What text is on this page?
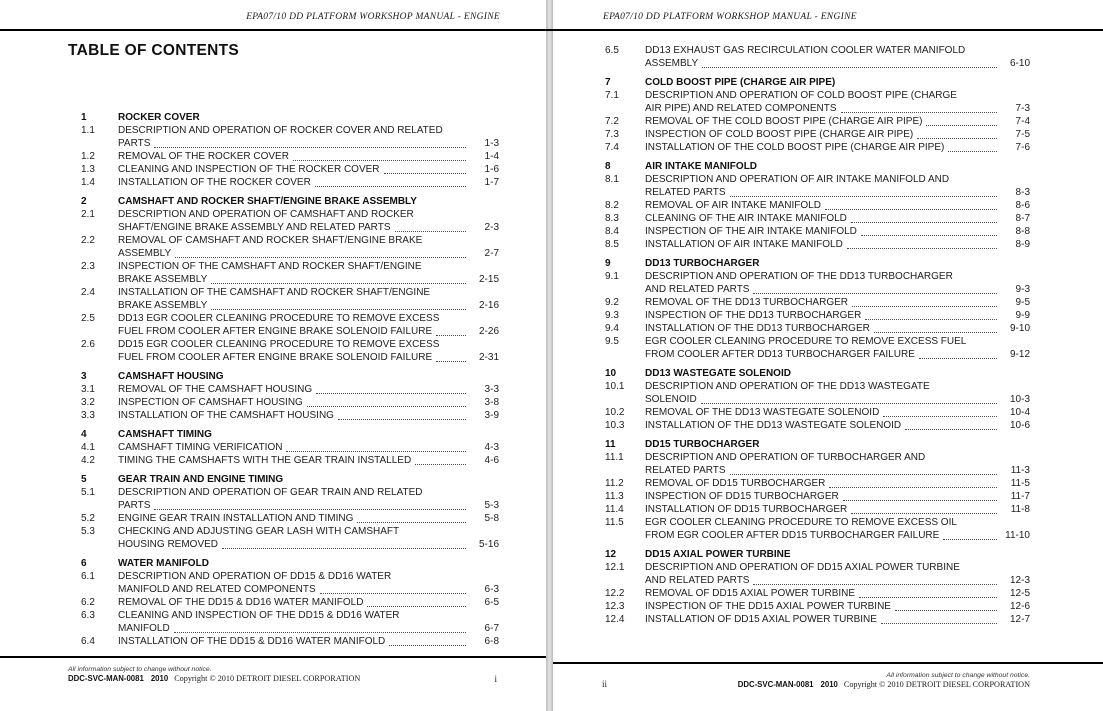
EPA07/10 DD PLATFORM WORKSHOP MANUAL - ENGINE
TABLE OF CONTENTS
1	ROCKER COVER
1.1	DESCRIPTION AND OPERATION OF ROCKER COVER AND RELATED
PARTS	1-3
1.2	REMOVAL OF THE ROCKER COVER	1-4
1.3	CLEANING AND INSPECTION OF THE ROCKER COVER	1-6
1.4	INSTALLATION OF THE ROCKER COVER	1-7
2	CAMSHAFT AND ROCKER SHAFT/ENGINE BRAKE ASSEMBLY
2.1	DESCRIPTION AND OPERATION OF CAMSHAFT AND ROCKER
SHAFT/ENGINE BRAKE ASSEMBLY AND RELATED PARTS	2-3
2.2	REMOVAL OF CAMSHAFT AND ROCKER SHAFT/ENGINE BRAKE
ASSEMBLY	2-7
2.3	INSPECTION OF THE CAMSHAFT AND ROCKER SHAFT/ENGINE
BRAKE ASSEMBLY	2-15
2.4	INSTALLATION OF THE CAMSHAFT AND ROCKER SHAFT/ENGINE
BRAKE ASSEMBLY	2-16
2.5	DD13 EGR COOLER CLEANING PROCEDURE TO REMOVE EXCESS
FUEL FROM COOLER AFTER ENGINE BRAKE SOLENOID FAILURE	2-26
2.6	DD15 EGR COOLER CLEANING PROCEDURE TO REMOVE EXCESS
FUEL FROM COOLER AFTER ENGINE BRAKE SOLENOID FAILURE	2-31
3	CAMSHAFT HOUSING
3.1	REMOVAL OF THE CAMSHAFT HOUSING	3-3
3.2	INSPECTION OF CAMSHAFT HOUSING	3-8
3.3	INSTALLATION OF THE CAMSHAFT HOUSING	3-9
4	CAMSHAFT TIMING
4.1	CAMSHAFT TIMING VERIFICATION	4-3
4.2	TIMING THE CAMSHAFTS WITH THE GEAR TRAIN INSTALLED	4-6
5	GEAR TRAIN AND ENGINE TIMING
5.1	DESCRIPTION AND OPERATION OF GEAR TRAIN AND RELATED
PARTS	5-3
5.2	ENGINE GEAR TRAIN INSTALLATION AND TIMING	5-8
5.3	CHECKING AND ADJUSTING GEAR LASH WITH CAMSHAFT
HOUSING REMOVED	5-16
6	WATER MANIFOLD
6.1	DESCRIPTION AND OPERATION OF DD15 & DD16 WATER
MANIFOLD AND RELATED COMPONENTS	6-3
6.2	REMOVAL OF THE DD15 & DD16 WATER MANIFOLD	6-5
6.3	CLEANING AND INSPECTION OF THE DD15 & DD16 WATER
MANIFOLD	6-7
6.4	INSTALLATION OF THE DD15 & DD16 WATER MANIFOLD	6-8
All information subject to change without notice.
DDC-SVC-MAN-0081 2010 Copyright © 2010 DETROIT DIESEL CORPORATION	i
EPA07/10 DD PLATFORM WORKSHOP MANUAL - ENGINE
6.5	DD13 EXHAUST GAS RECIRCULATION COOLER WATER MANIFOLD
ASSEMBLY	6-10
7	COLD BOOST PIPE (CHARGE AIR PIPE)
7.1	DESCRIPTION AND OPERATION OF COLD BOOST PIPE (CHARGE
AIR PIPE) AND RELATED COMPONENTS	7-3
7.2	REMOVAL OF THE COLD BOOST PIPE (CHARGE AIR PIPE)	7-4
7.3	INSPECTION OF COLD BOOST PIPE (CHARGE AIR PIPE)	7-5
7.4	INSTALLATION OF THE COLD BOOST PIPE (CHARGE AIR PIPE)	7-6
8	AIR INTAKE MANIFOLD
8.1	DESCRIPTION AND OPERATION OF AIR INTAKE MANIFOLD AND
RELATED PARTS	8-3
8.2	REMOVAL OF AIR INTAKE MANIFOLD	8-6
8.3	CLEANING OF THE AIR INTAKE MANIFOLD	8-7
8.4	INSPECTION OF THE AIR INTAKE MANIFOLD	8-8
8.5	INSTALLATION OF AIR INTAKE MANIFOLD	8-9
9	DD13 TURBOCHARGER
9.1	DESCRIPTION AND OPERATION OF THE DD13 TURBOCHARGER
AND RELATED PARTS	9-3
9.2	REMOVAL OF THE DD13 TURBOCHARGER	9-5
9.3	INSPECTION OF THE DD13 TURBOCHARGER	9-9
9.4	INSTALLATION OF THE DD13 TURBOCHARGER	9-10
9.5	EGR COOLER CLEANING PROCEDURE TO REMOVE EXCESS FUEL
FROM COOLER AFTER DD13 TURBOCHARGER FAILURE	9-12
10	DD13 WASTEGATE SOLENOID
10.1	DESCRIPTION AND OPERATION OF THE DD13 WASTEGATE
SOLENOID	10-3
10.2	REMOVAL OF THE DD13 WASTEGATE SOLENOID	10-4
10.3	INSTALLATION OF THE DD13 WASTEGATE SOLENOID	10-6
11	DD15 TURBOCHARGER
11.1	DESCRIPTION AND OPERATION OF TURBOCHARGER AND
RELATED PARTS	11-3
11.2	REMOVAL OF DD15 TURBOCHARGER	11-5
11.3	INSPECTION OF DD15 TURBOCHARGER	11-7
11.4	INSTALLATION OF DD15 TURBOCHARGER	11-8
11.5	EGR COOLER CLEANING PROCEDURE TO REMOVE EXCESS OIL
FROM EGR COOLER AFTER DD15 TURBOCHARGER FAILURE	11-10
12	DD15 AXIAL POWER TURBINE
12.1	DESCRIPTION AND OPERATION OF DD15 AXIAL POWER TURBINE
AND RELATED PARTS	12-3
12.2	REMOVAL OF DD15 AXIAL POWER TURBINE	12-5
12.3	INSPECTION OF THE DD15 AXIAL POWER TURBINE	12-6
12.4	INSTALLATION OF DD15 AXIAL POWER TURBINE	12-7
All information subject to change without notice.
DDC-SVC-MAN-0081 2010 Copyright © 2010 DETROIT DIESEL CORPORATION
ii
